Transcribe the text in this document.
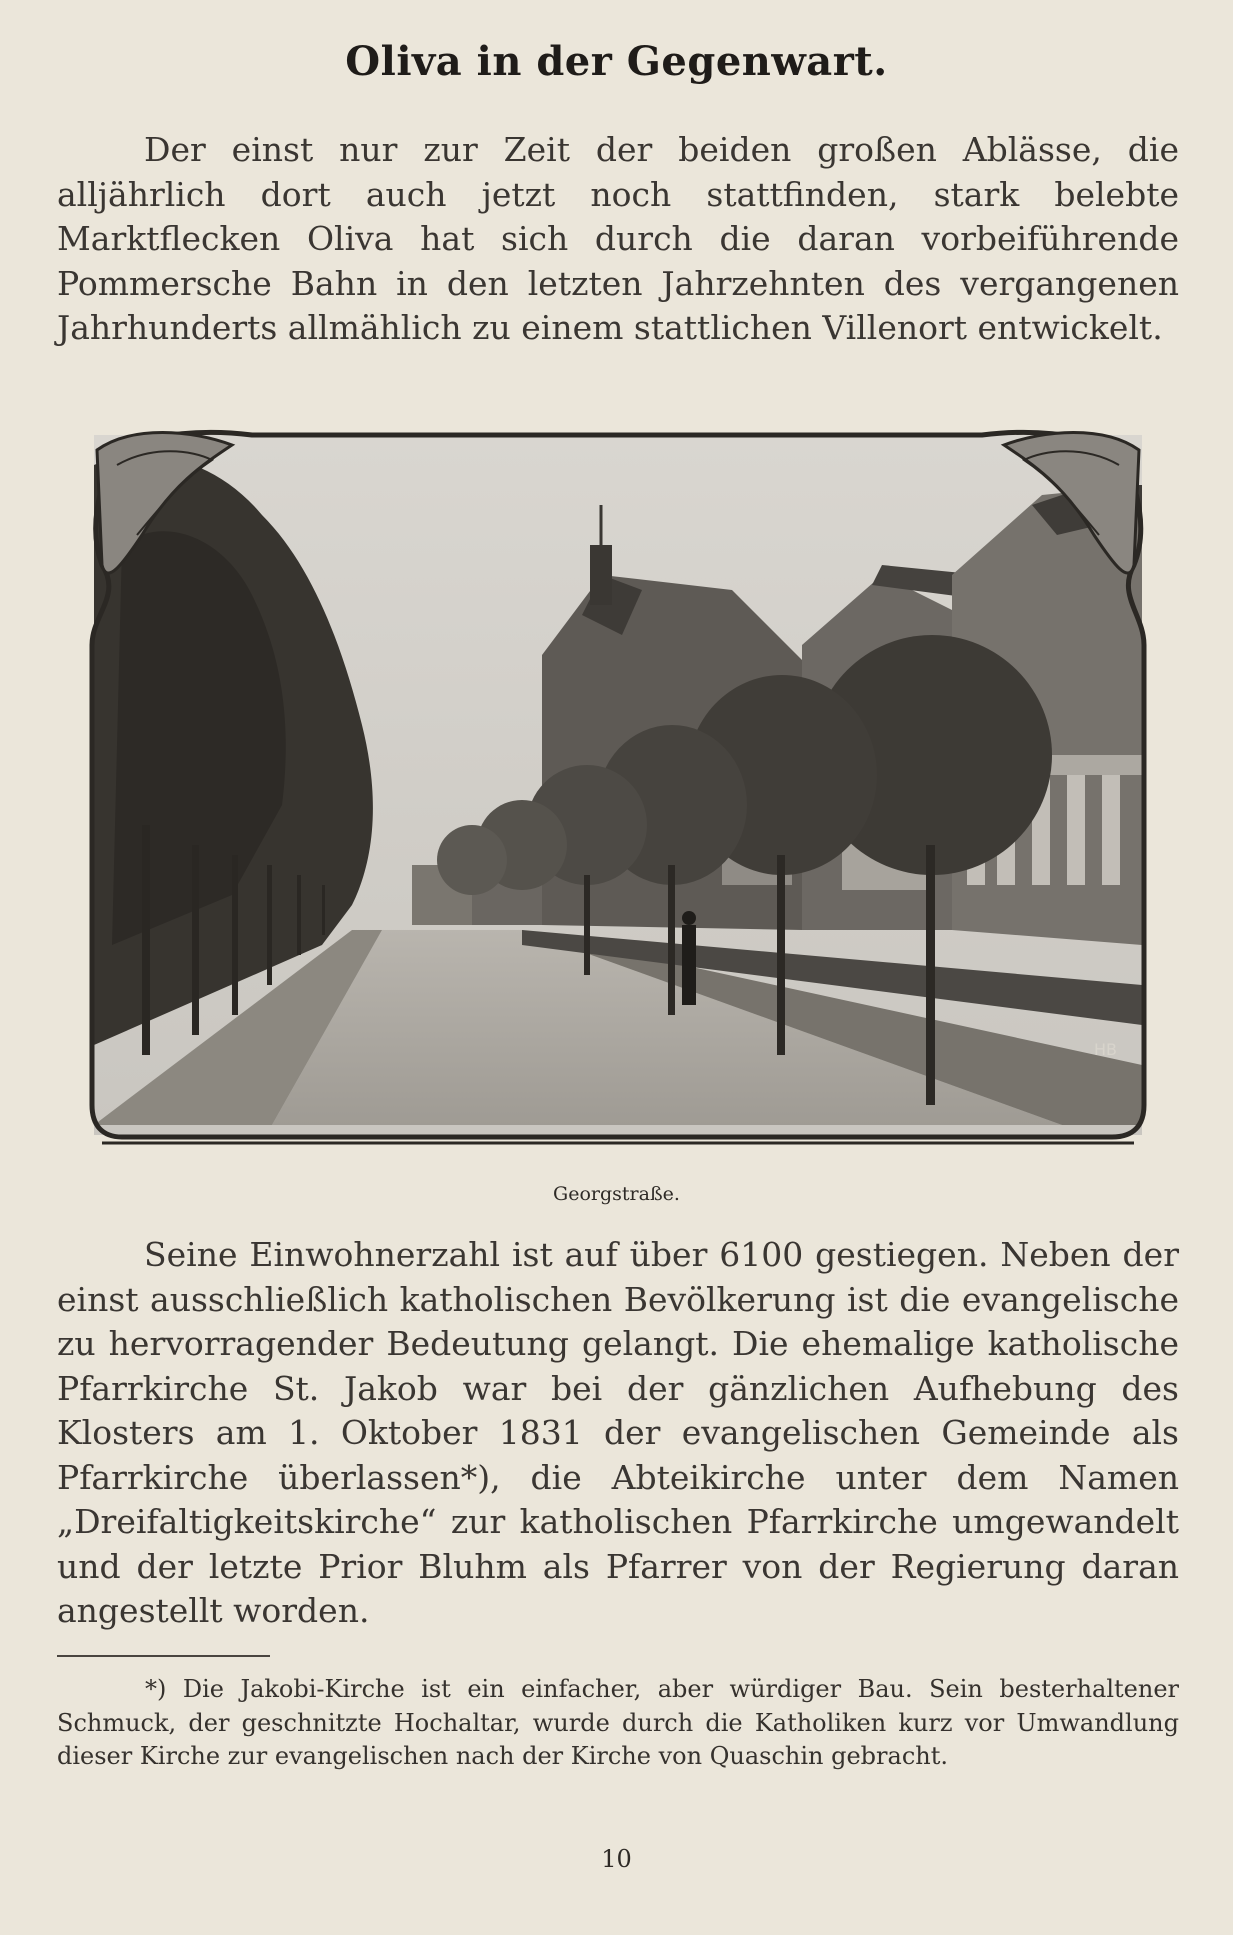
Oliva in der Gegenwart.
Der einst nur zur Zeit der beiden großen Ablässe, die alljährlich dort auch jetzt noch stattfinden, stark belebte Marktflecken Oliva hat sich durch die daran vorbeiführende Pommersche Bahn in den letzten Jahrzehnten des vergangenen Jahrhunderts allmählich zu einem stattlichen Villenort entwickelt.
HB
Georgstraße.
Seine Einwohnerzahl ist auf über 6100 gestiegen. Neben der einst ausschließlich katholischen Bevölkerung ist die evangelische zu hervorragender Bedeutung gelangt. Die ehemalige katholische Pfarrkirche St. Jakob war bei der gänzlichen Aufhebung des Klosters am 1. Oktober 1831 der evangelischen Gemeinde als Pfarrkirche überlassen*), die Abteikirche unter dem Namen „Dreifaltigkeitskirche“ zur katholischen Pfarrkirche umgewandelt und der letzte Prior Bluhm als Pfarrer von der Regierung daran angestellt worden.
*) Die Jakobi-Kirche ist ein einfacher, aber würdiger Bau. Sein besterhaltener Schmuck, der geschnitzte Hochaltar, wurde durch die Katholiken kurz vor Umwandlung dieser Kirche zur evangelischen nach der Kirche von Quaschin gebracht.
10
